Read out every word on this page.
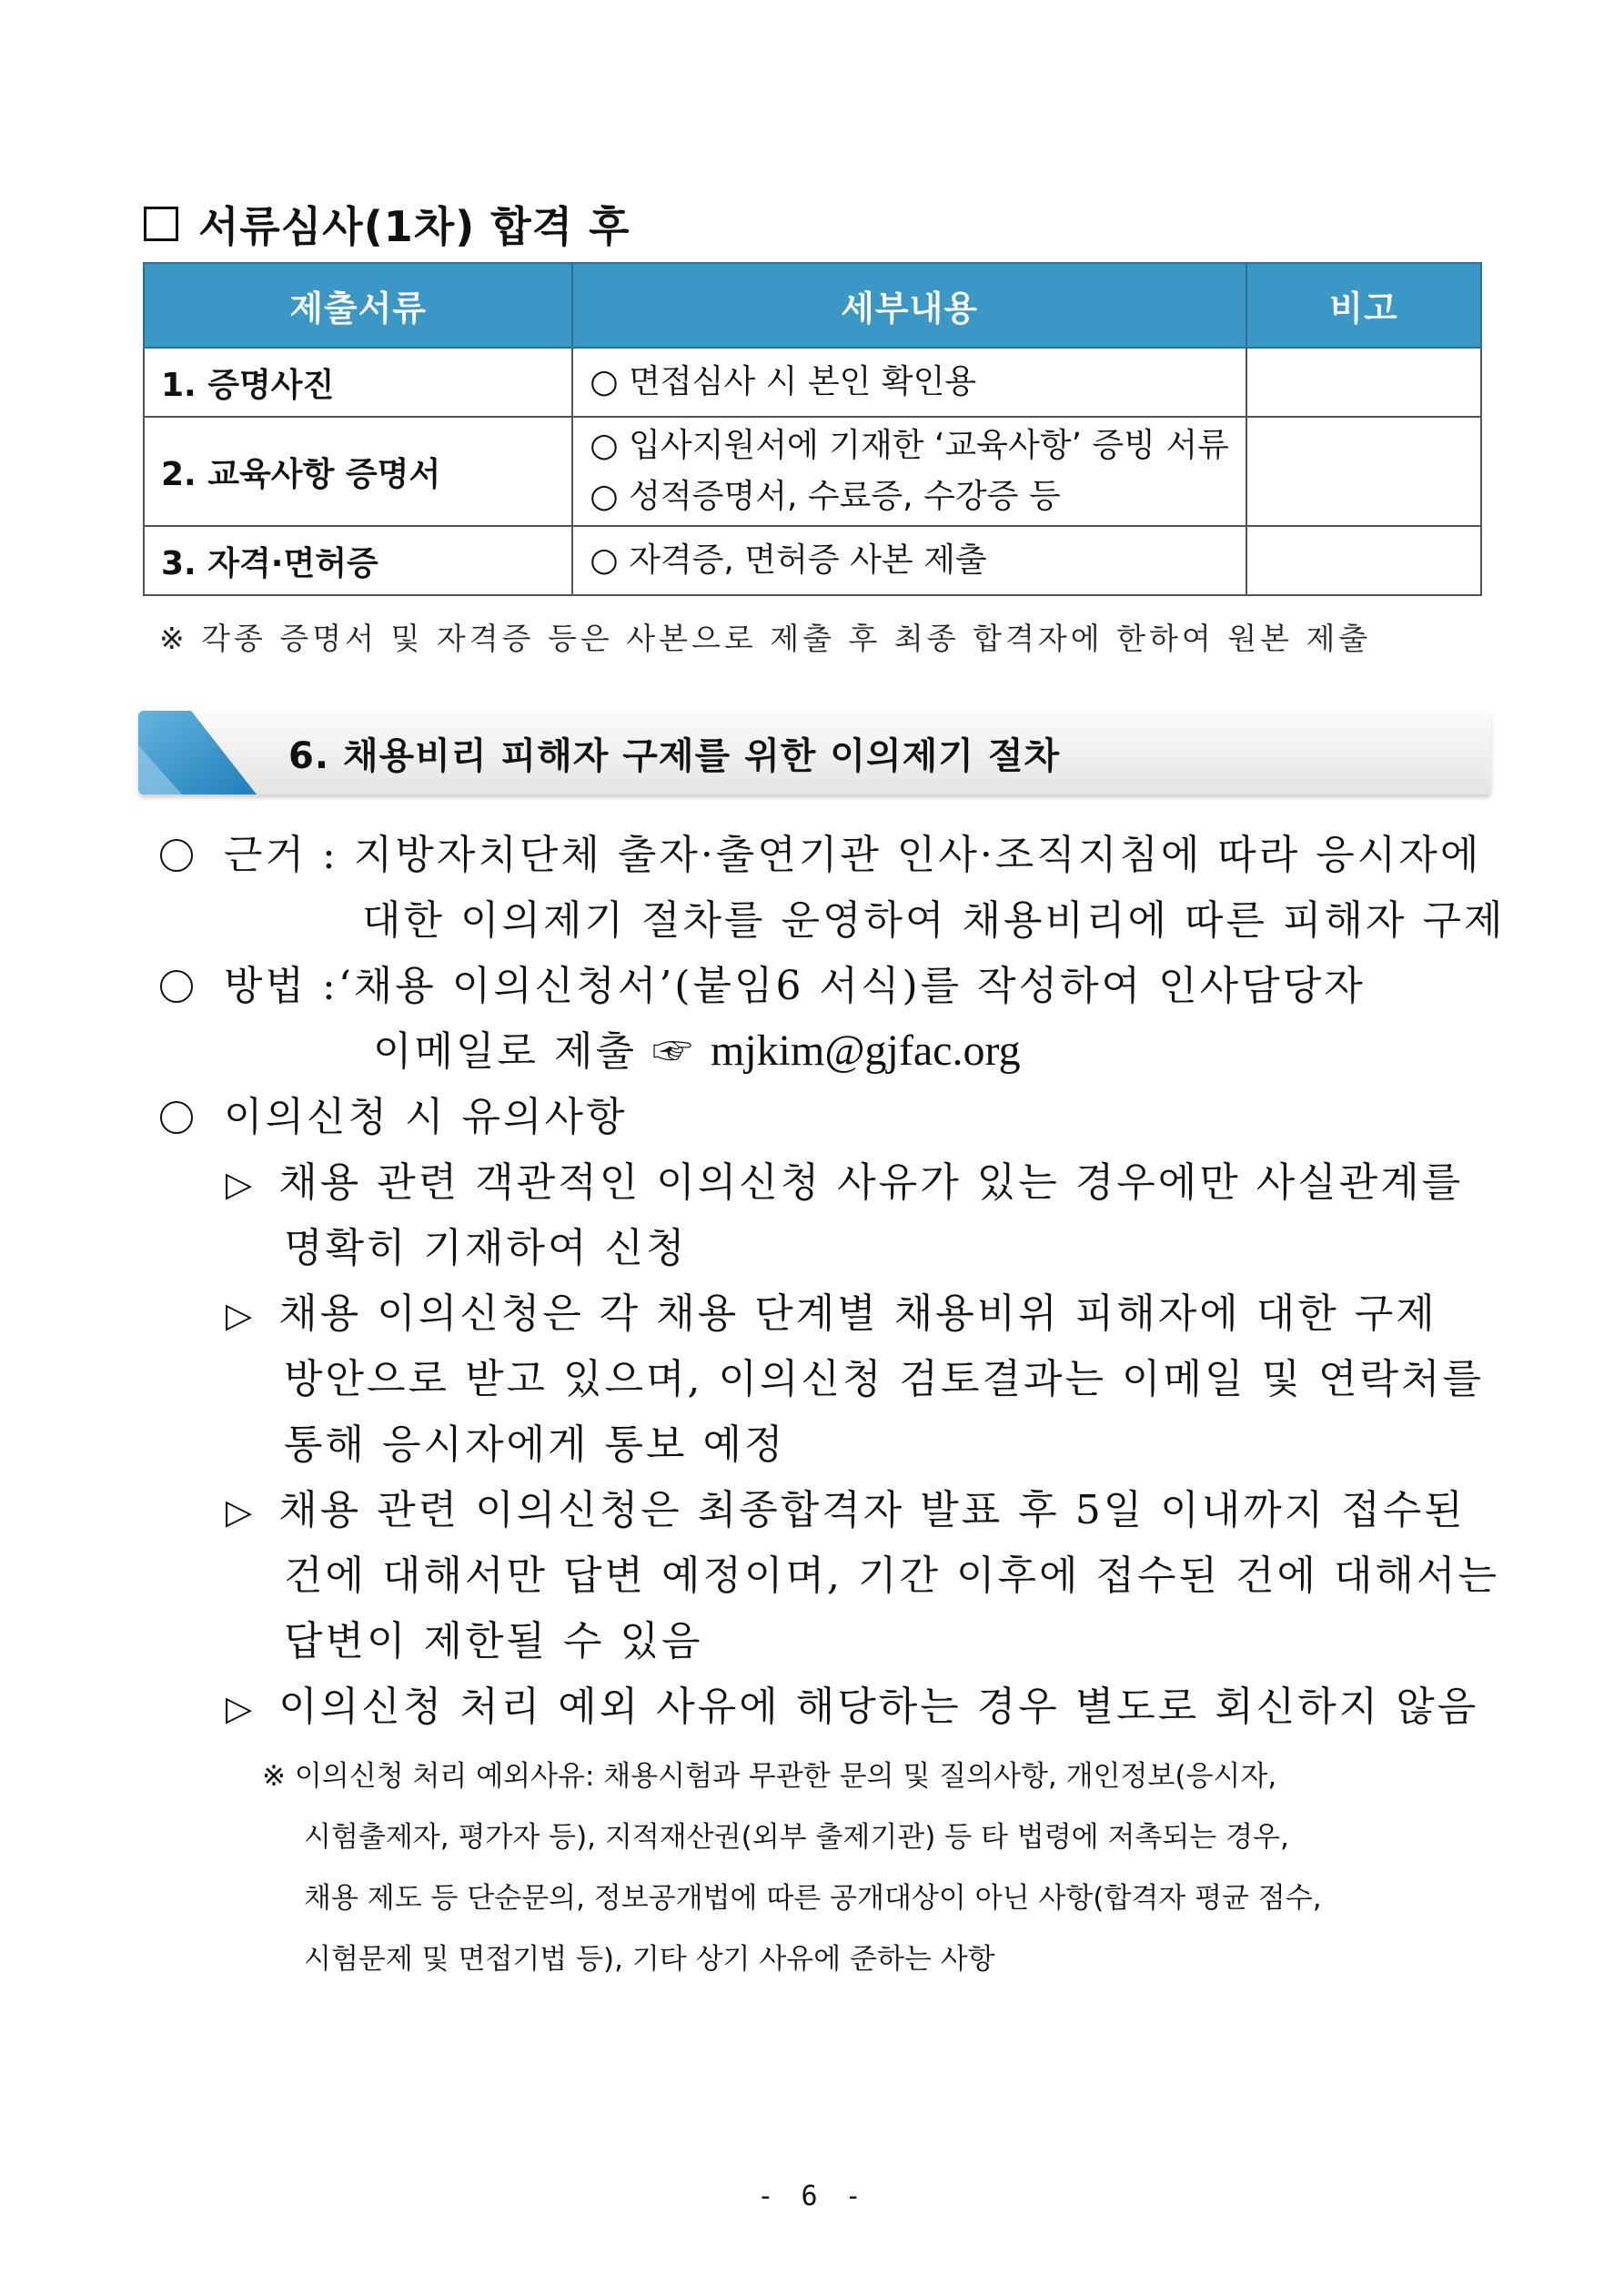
서류심사(1차) 합격 후
제출서류	세부내용	비고
1. 증명사진	○ 면접심사 시 본인 확인용	

2. 교육사항 증명서	○ 입사지원서에 기재한 ‘교육사항’ 증빙 서류
○ 성적증명서, 수료증, 수강증 등	

3. 자격·면허증	○ 자격증, 면허증 사본 제출	

※ 각종 증명서 및 자격증 등은 사본으로 제출 후 최종 합격자에 한하여 원본 제출
6. 채용비리 피해자 구제를 위한 이의제기 절차
근거 : 지방자치단체 출자·출연기관 인사·조직지침에 따라 응시자에
대한 이의제기 절차를 운영하여 채용비리에 따른 피해자 구제
방법 :‘채용 이의신청서’(붙임6 서식)를 작성하여 인사담당자
이메일로 제출 ☞ mjkim@gjfac.org
이의신청 시 유의사항
▷ 채용 관련 객관적인 이의신청 사유가 있는 경우에만 사실관계를
명확히 기재하여 신청
▷ 채용 이의신청은 각 채용 단계별 채용비위 피해자에 대한 구제
방안으로 받고 있으며, 이의신청 검토결과는 이메일 및 연락처를
통해 응시자에게 통보 예정
▷ 채용 관련 이의신청은 최종합격자 발표 후 5일 이내까지 접수된
건에 대해서만 답변 예정이며, 기간 이후에 접수된 건에 대해서는
답변이 제한될 수 있음
▷ 이의신청 처리 예외 사유에 해당하는 경우 별도로 회신하지 않음
※ 이의신청 처리 예외사유: 채용시험과 무관한 문의 및 질의사항, 개인정보(응시자,
시험출제자, 평가자 등), 지적재산권(외부 출제기관) 등 타 법령에 저촉되는 경우,
채용 제도 등 단순문의, 정보공개법에 따른 공개대상이 아닌 사항(합격자 평균 점수,
시험문제 및 면접기법 등), 기타 상기 사유에 준하는 사항
- 6 -
